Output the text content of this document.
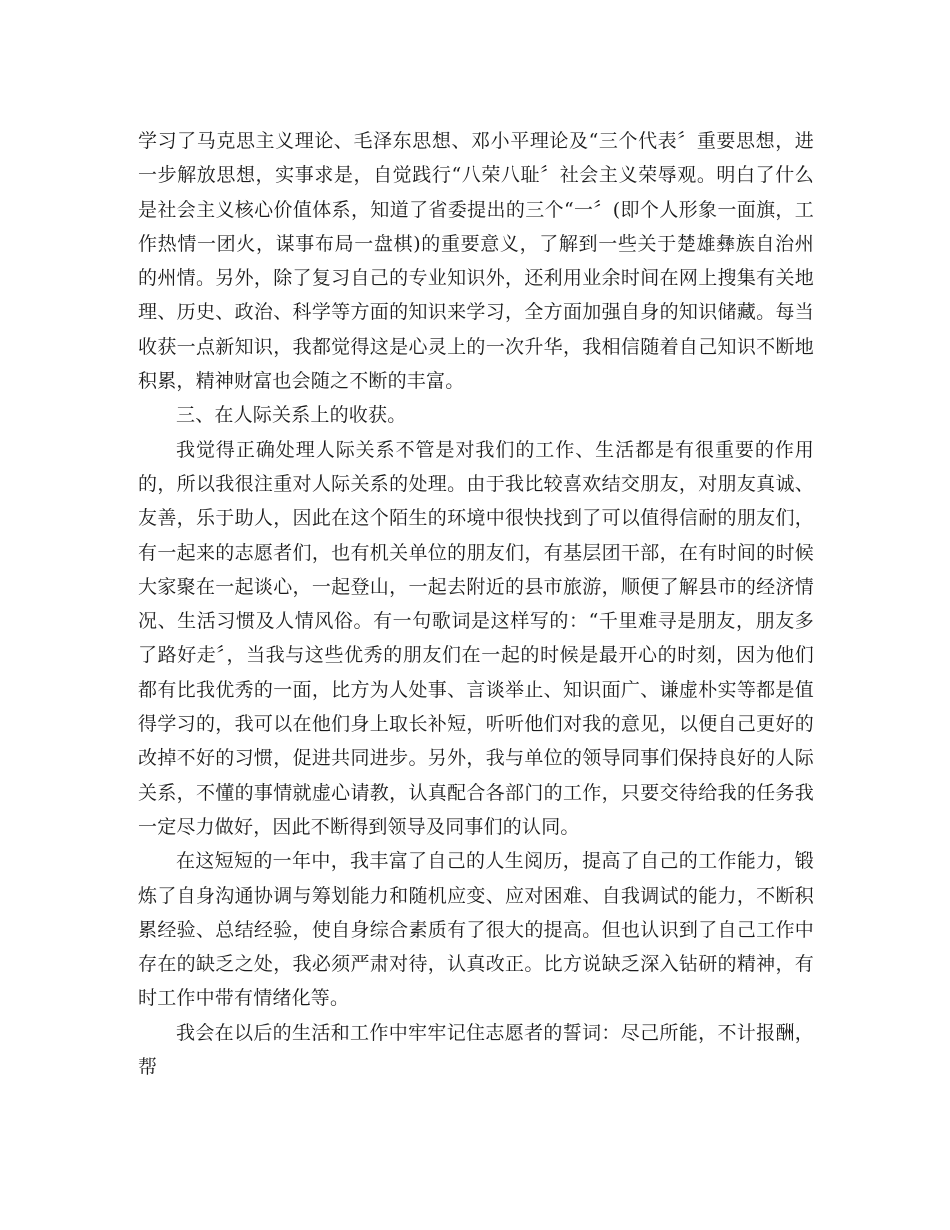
学习了马克思主义理论、毛泽东思想、邓小平理论及“三个代表〞重要思想，进一步解放思想，实事求是，自觉践行“八荣八耻〞社会主义荣辱观。明白了什么是社会主义核心价值体系，知道了省委提出的三个“一〞(即个人形象一面旗，工作热情一团火，谋事布局一盘棋)的重要意义，了解到一些关于楚雄彝族自治州的州情。另外，除了复习自己的专业知识外，还利用业余时间在网上搜集有关地理、历史、政治、科学等方面的知识来学习，全方面加强自身的知识储藏。每当收获一点新知识，我都觉得这是心灵上的一次升华，我相信随着自己知识不断地积累，精神财富也会随之不断的丰富。

三、在人际关系上的收获。

我觉得正确处理人际关系不管是对我们的工作、生活都是有很重要的作用的，所以我很注重对人际关系的处理。由于我比较喜欢结交朋友，对朋友真诚、友善，乐于助人，因此在这个陌生的环境中很快找到了可以值得信耐的朋友们，有一起来的志愿者们，也有机关单位的朋友们，有基层团干部，在有时间的时候大家聚在一起谈心，一起登山，一起去附近的县市旅游，顺便了解县市的经济情况、生活习惯及人情风俗。有一句歌词是这样写的：“千里难寻是朋友，朋友多了路好走〞，当我与这些优秀的朋友们在一起的时候是最开心的时刻，因为他们都有比我优秀的一面，比方为人处事、言谈举止、知识面广、谦虚朴实等都是值得学习的，我可以在他们身上取长补短，听听他们对我的意见，以便自己更好的改掉不好的习惯，促进共同进步。另外，我与单位的领导同事们保持良好的人际关系，不懂的事情就虚心请教，认真配合各部门的工作，只要交待给我的任务我一定尽力做好，因此不断得到领导及同事们的认同。

在这短短的一年中，我丰富了自己的人生阅历，提高了自己的工作能力，锻炼了自身沟通协调与筹划能力和随机应变、应对困难、自我调试的能力，不断积累经验、总结经验，使自身综合素质有了很大的提高。但也认识到了自己工作中存在的缺乏之处，我必须严肃对待，认真改正。比方说缺乏深入钻研的精神，有时工作中带有情绪化等。

我会在以后的生活和工作中牢牢记住志愿者的誓词：尽己所能，不计报酬，帮
